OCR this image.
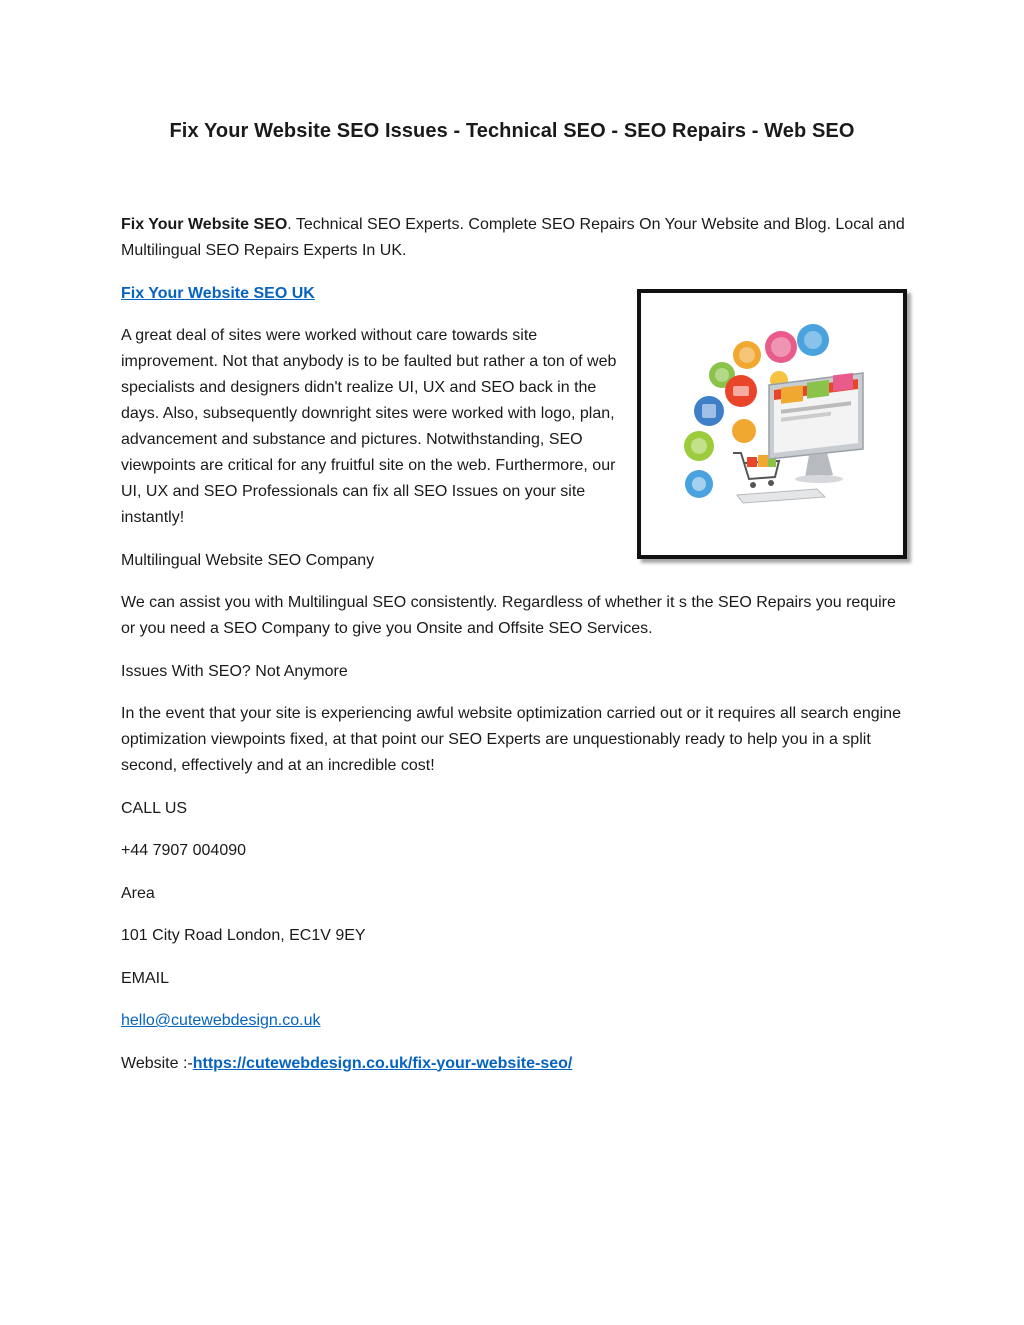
Fix Your Website SEO Issues - Technical SEO - SEO Repairs - Web SEO

Fix Your Website SEO. Technical SEO Experts. Complete SEO Repairs On Your Website and Blog. Local and Multilingual SEO Repairs Experts In UK.

Fix Your Website SEO UK

A great deal of sites were worked without care towards site improvement. Not that anybody is to be faulted but rather a ton of web specialists and designers didn't realize UI, UX and SEO back in the days. Also, subsequently downright sites were worked with logo, plan, advancement and substance and pictures. Notwithstanding, SEO viewpoints are critical for any fruitful site on the web. Furthermore, our UI, UX and SEO Professionals can fix all SEO Issues on your site instantly!

Multilingual Website SEO Company

We can assist you with Multilingual SEO consistently. Regardless of whether it s the SEO Repairs you require or you need a SEO Company to give you Onsite and Offsite SEO Services.

Issues With SEO? Not Anymore

In the event that your site is experiencing awful website optimization carried out or it requires all search engine optimization viewpoints fixed, at that point our SEO Experts are unquestionably ready to help you in a split second, effectively and at an incredible cost!

CALL US

+44 7907 004090

Area

101 City Road London, EC1V 9EY

EMAIL

hello@cutewebdesign.co.uk

Website :-https://cutewebdesign.co.uk/fix-your-website-seo/
